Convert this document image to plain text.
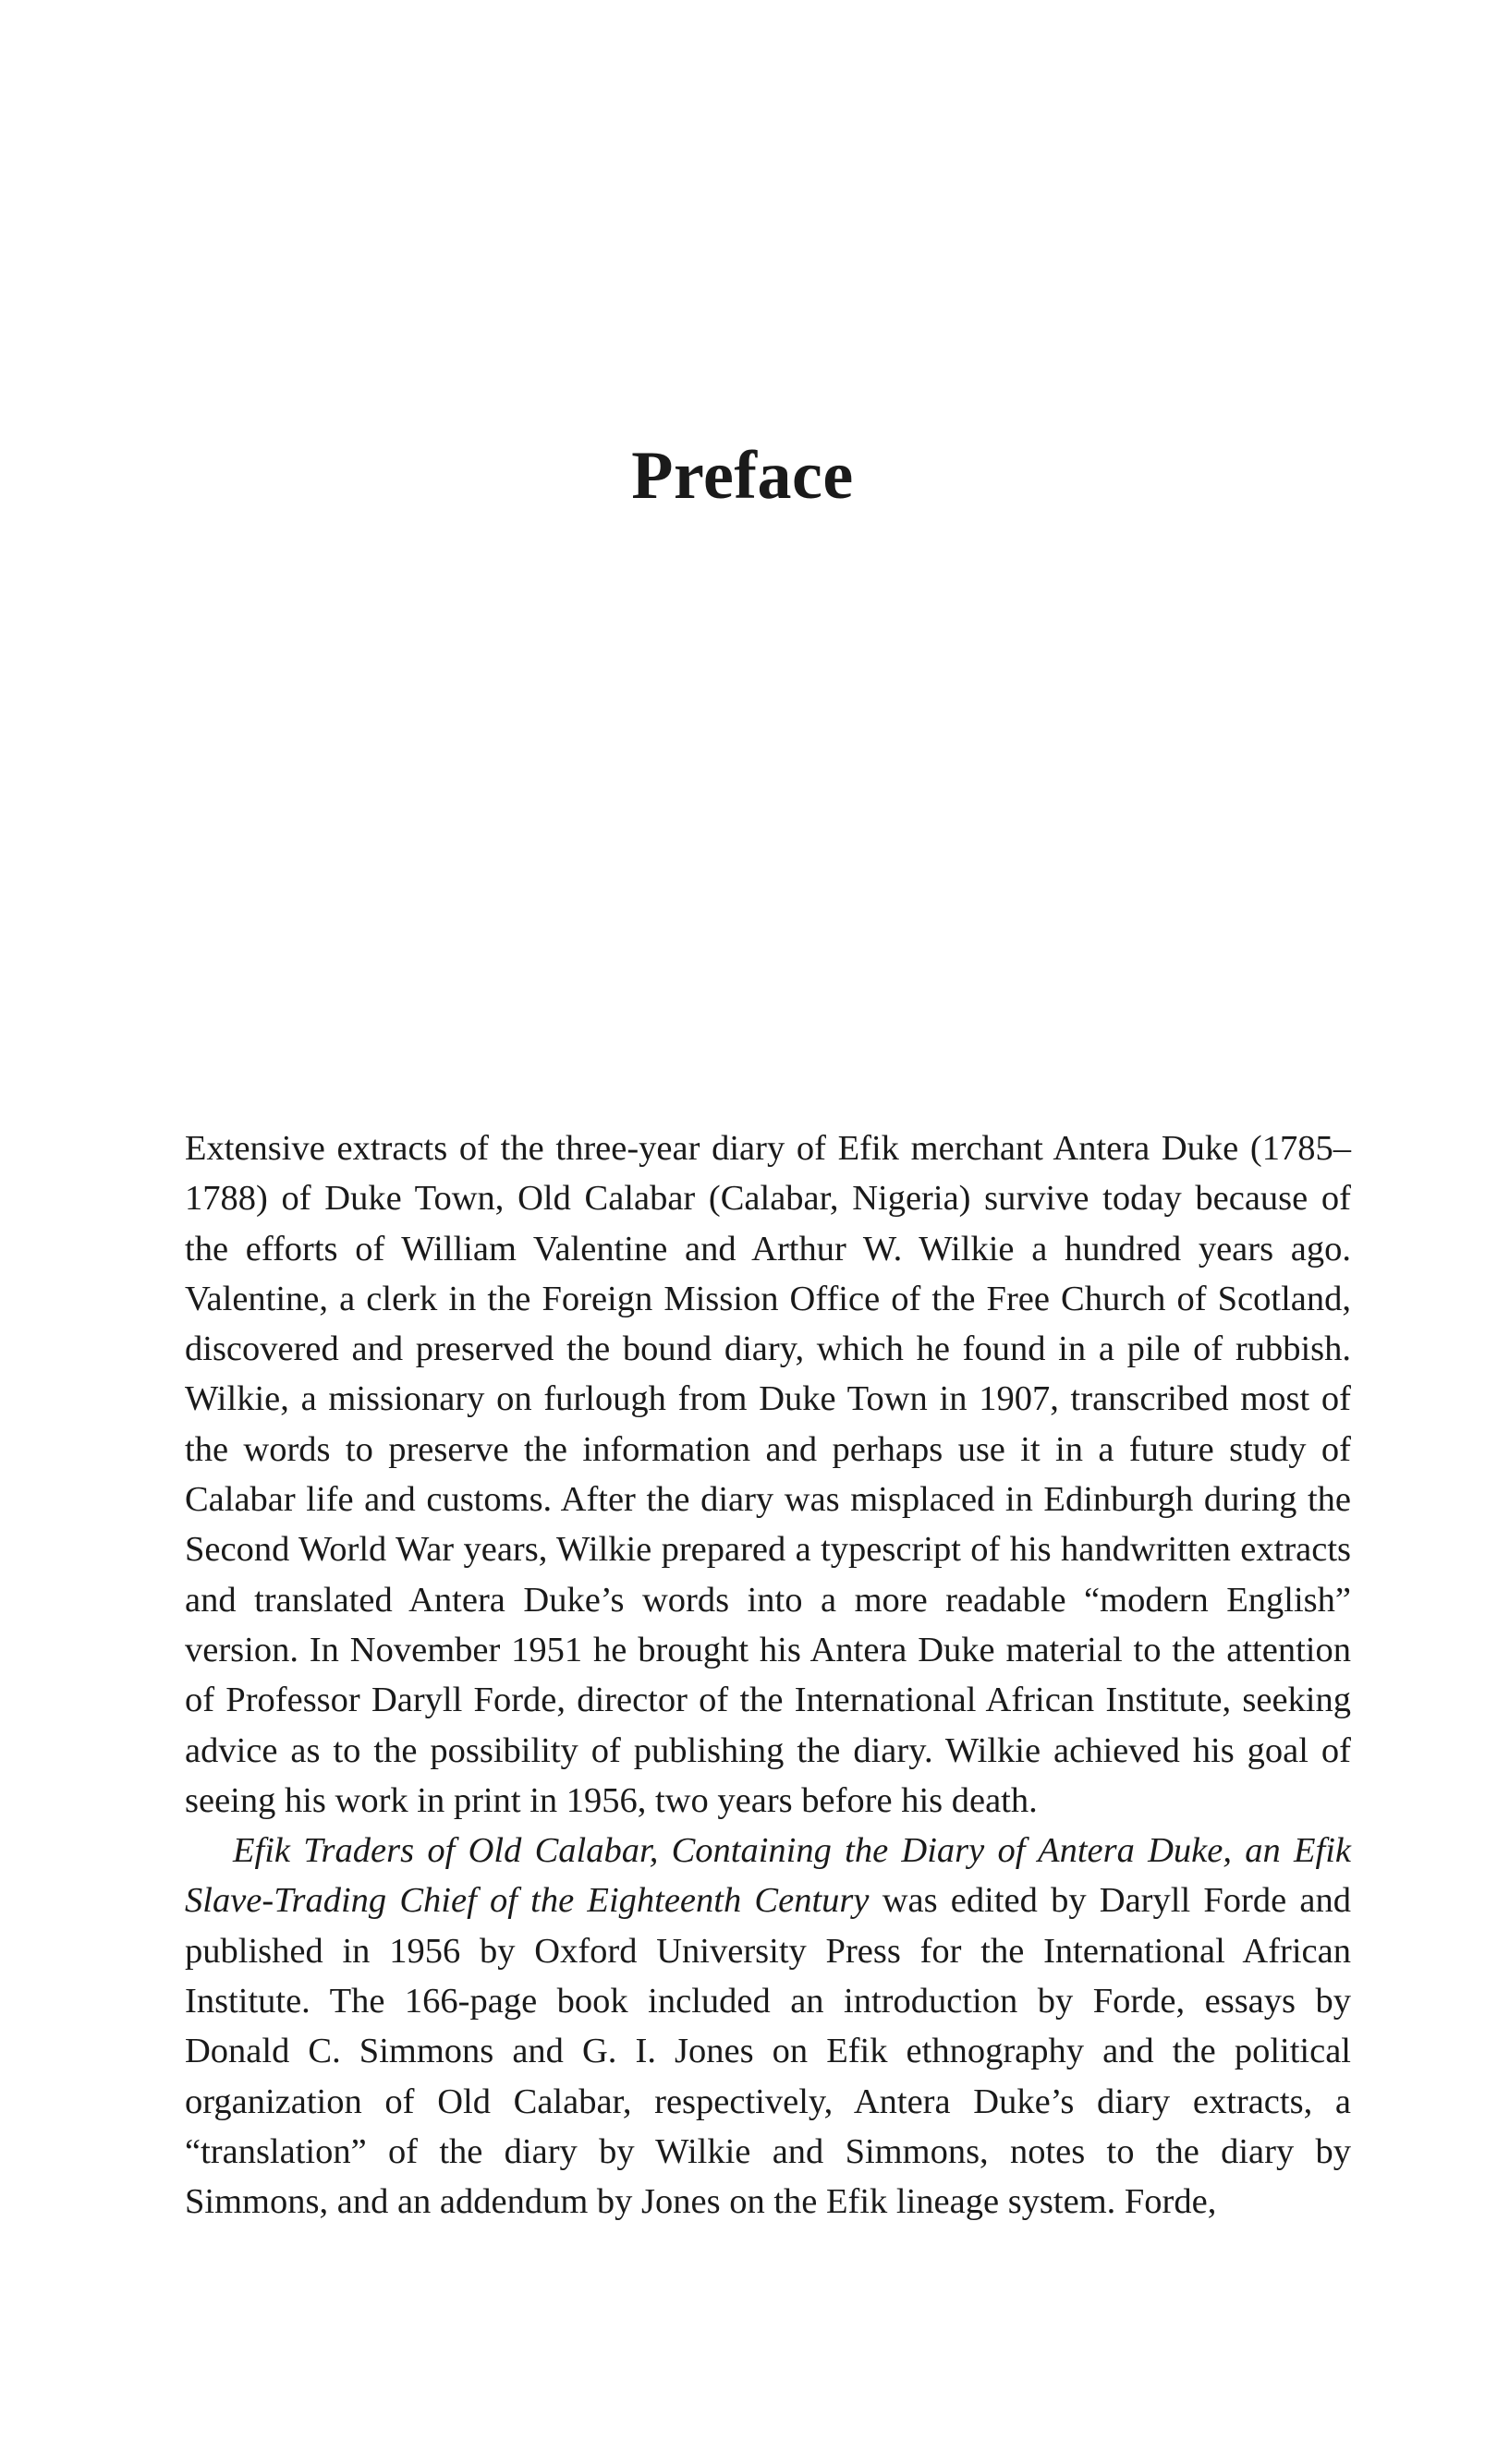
Preface

Extensive extracts of the three-year diary of Efik merchant Antera Duke (1785–1788) of Duke Town, Old Calabar (Calabar, Nigeria) survive today because of the efforts of William Valentine and Arthur W. Wilkie a hundred years ago. Valentine, a clerk in the Foreign Mission Office of the Free Church of Scotland, discovered and preserved the bound diary, which he found in a pile of rubbish. Wilkie, a missionary on furlough from Duke Town in 1907, transcribed most of the words to preserve the information and perhaps use it in a future study of Calabar life and customs. After the diary was misplaced in Edinburgh during the Second World War years, Wilkie prepared a typescript of his handwritten extracts and translated Antera Duke’s words into a more readable “modern English” version. In November 1951 he brought his Antera Duke material to the attention of Professor Daryll Forde, director of the International African Institute, seeking advice as to the possibility of publishing the diary. Wilkie achieved his goal of seeing his work in print in 1956, two years before his death.

Efik Traders of Old Calabar, Containing the Diary of Antera Duke, an Efik Slave-Trading Chief of the Eighteenth Century was edited by Daryll Forde and published in 1956 by Oxford University Press for the International African Institute. The 166-page book included an introduction by Forde, essays by Donald C. Simmons and G. I. Jones on Efik ethnography and the political organization of Old Calabar, respectively, Antera Duke’s diary extracts, a “translation” of the diary by Wilkie and Simmons, notes to the diary by Simmons, and an addendum by Jones on the Efik lineage system. Forde,
